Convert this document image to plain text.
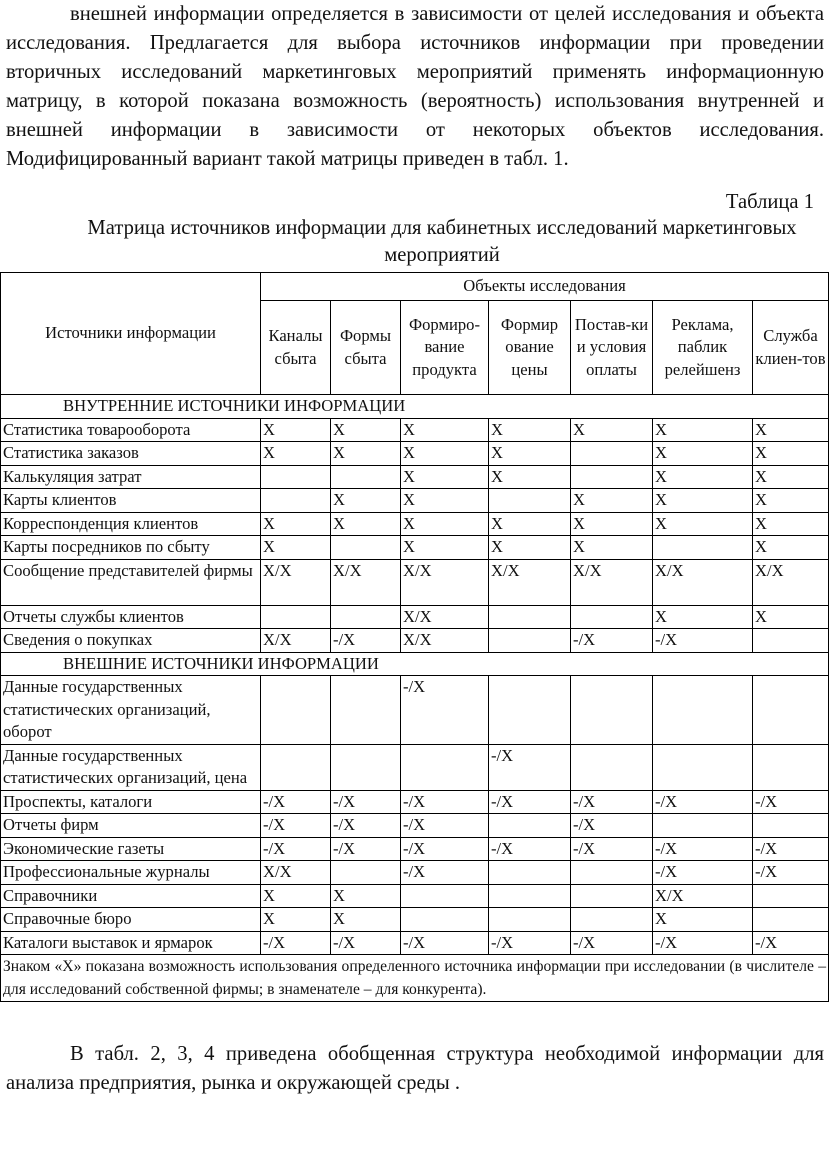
внешней информации определяется в зависимости от целей исследования и объекта исследования. Предлагается для выбора источников информации при проведении вторичных исследований маркетинговых мероприятий применять информационную матрицу, в которой показана возможность (вероятность) использования внутренней и внешней информации в зависимости от некоторых объектов исследования. Модифицированный вариант такой матрицы приведен в табл. 1.

Таблица 1

Матрица источников информации для кабинетных исследований маркетинговых мероприятий

Источники информации	Объекты исследования						
	Каналы сбыта	Формы сбыта	Формиро-вание продукта	Формир ование цены	Постав-ки и условия оплаты	Реклама, паблик релейшенз	Служба клиен-тов
ВНУТРЕННИЕ ИСТОЧНИКИ ИНФОРМАЦИИ							
Статистика товарооборота	X	X	X	X	X	X	X
Статистика заказов	X	X	X	X		X	X
Калькуляция затрат			X	X		X	X
Карты клиентов		X	X		X	X	X
Корреспонденция клиентов	X	X	X	X	X	X	X
Карты посредников по сбыту	X		X	X	X		X
Сообщение представителей фирмы	X/X	X/X	X/X	X/X	X/X	X/X	X/X
Отчеты службы клиентов			X/X			X	X
Сведения о покупках	X/X	-/X	X/X		-/X	-/X	
ВНЕШНИЕ ИСТОЧНИКИ ИНФОРМАЦИИ							
Данные государственных статистических организаций, оборот			-/X				
Данные государственных статистических организаций, цена				-/X			
Проспекты, каталоги	-/X	-/X	-/X	-/X	-/X	-/X	-/X
Отчеты фирм	-/X	-/X	-/X		-/X		
Экономические газеты	-/X	-/X	-/X	-/X	-/X	-/X	-/X
Профессиональные журналы	X/X		-/X			-/X	-/X
Справочники	X	X				X/X	
Справочные бюро	X	X				X	
Каталоги выставок и ярмарок	-/X	-/X	-/X	-/X	-/X	-/X	-/X
Знаком «Х» показана возможность использования определенного источника информации при исследовании (в числителе – для исследований собственной фирмы; в знаменателе – для конкурента).							

В табл. 2, 3, 4 приведена обобщенная структура необходимой информации для анализа предприятия, рынка и окружающей среды .
